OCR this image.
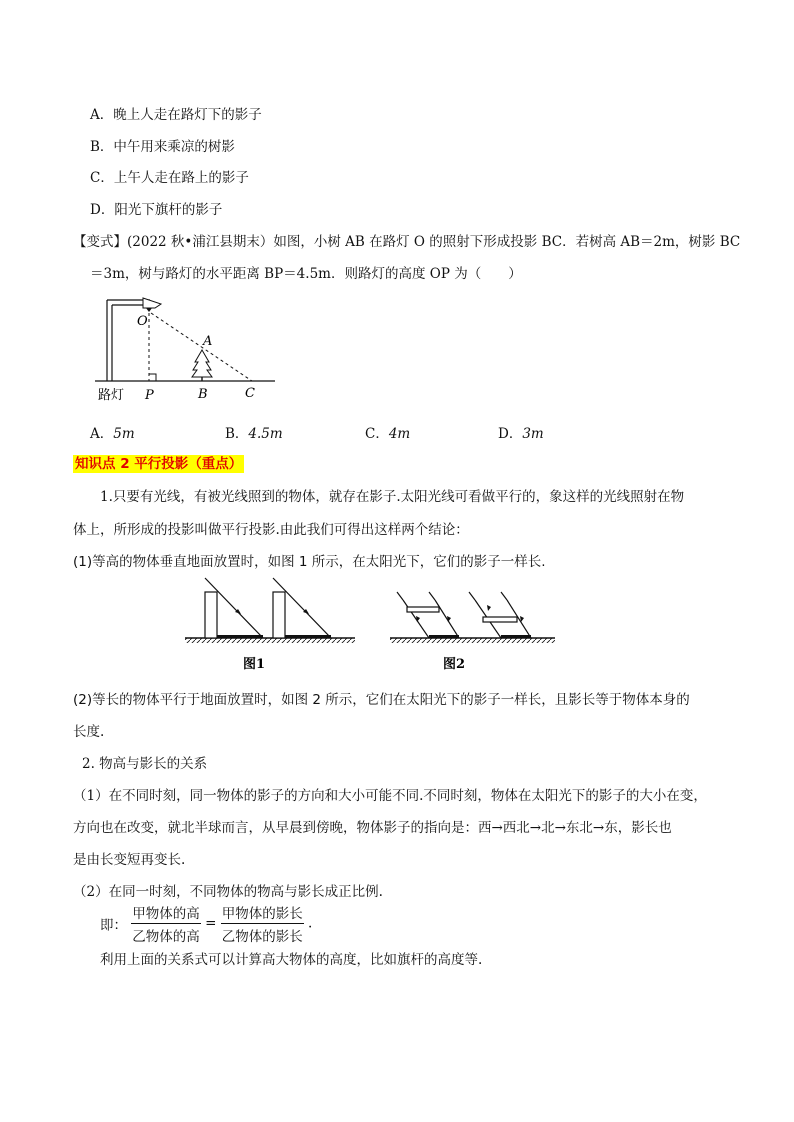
A．晚上人走在路灯下的影子
B．中午用来乘凉的树影
C．上午人走在路上的影子
D．阳光下旗杆的影子
【变式】(2022 秋•浦江县期末）如图，小树 AB 在路灯 O 的照射下形成投影 BC．若树高 AB＝2m，树影 BC
＝3m，树与路灯的水平距离 BP＝4.5m．则路灯的高度 OP 为（　　）
O
A
路灯 P	B	C
A．5m	B．4.5m	C．4m	D．3m
知识点 2 平行投影（重点）
1.只要有光线，有被光线照到的物体，就存在影子.太阳光线可看做平行的，象这样的光线照射在物
体上，所形成的投影叫做平行投影.由此我们可得出这样两个结论：
(1)等高的物体垂直地面放置时，如图 1 所示，在太阳光下，它们的影子一样长.
图1	图2
(2)等长的物体平行于地面放置时，如图 2 所示，它们在太阳光下的影子一样长，且影长等于物体本身的
长度.
2. 物高与影长的关系
（1）在不同时刻，同一物体的影子的方向和大小可能不同.不同时刻，物体在太阳光下的影子的大小在变，
方向也在改变，就北半球而言，从早晨到傍晚，物体影子的指向是：西→西北→北→东北→东，影长也
是由长变短再变长.
（2）在同一时刻，不同物体的物高与影长成正比例.
即： $\frac{\text{甲物体的高}}{\text{乙物体的高}} = \frac{\text{甲物体的影长}}{\text{乙物体的影长}}$ .
利用上面的关系式可以计算高大物体的高度，比如旗杆的高度等.
